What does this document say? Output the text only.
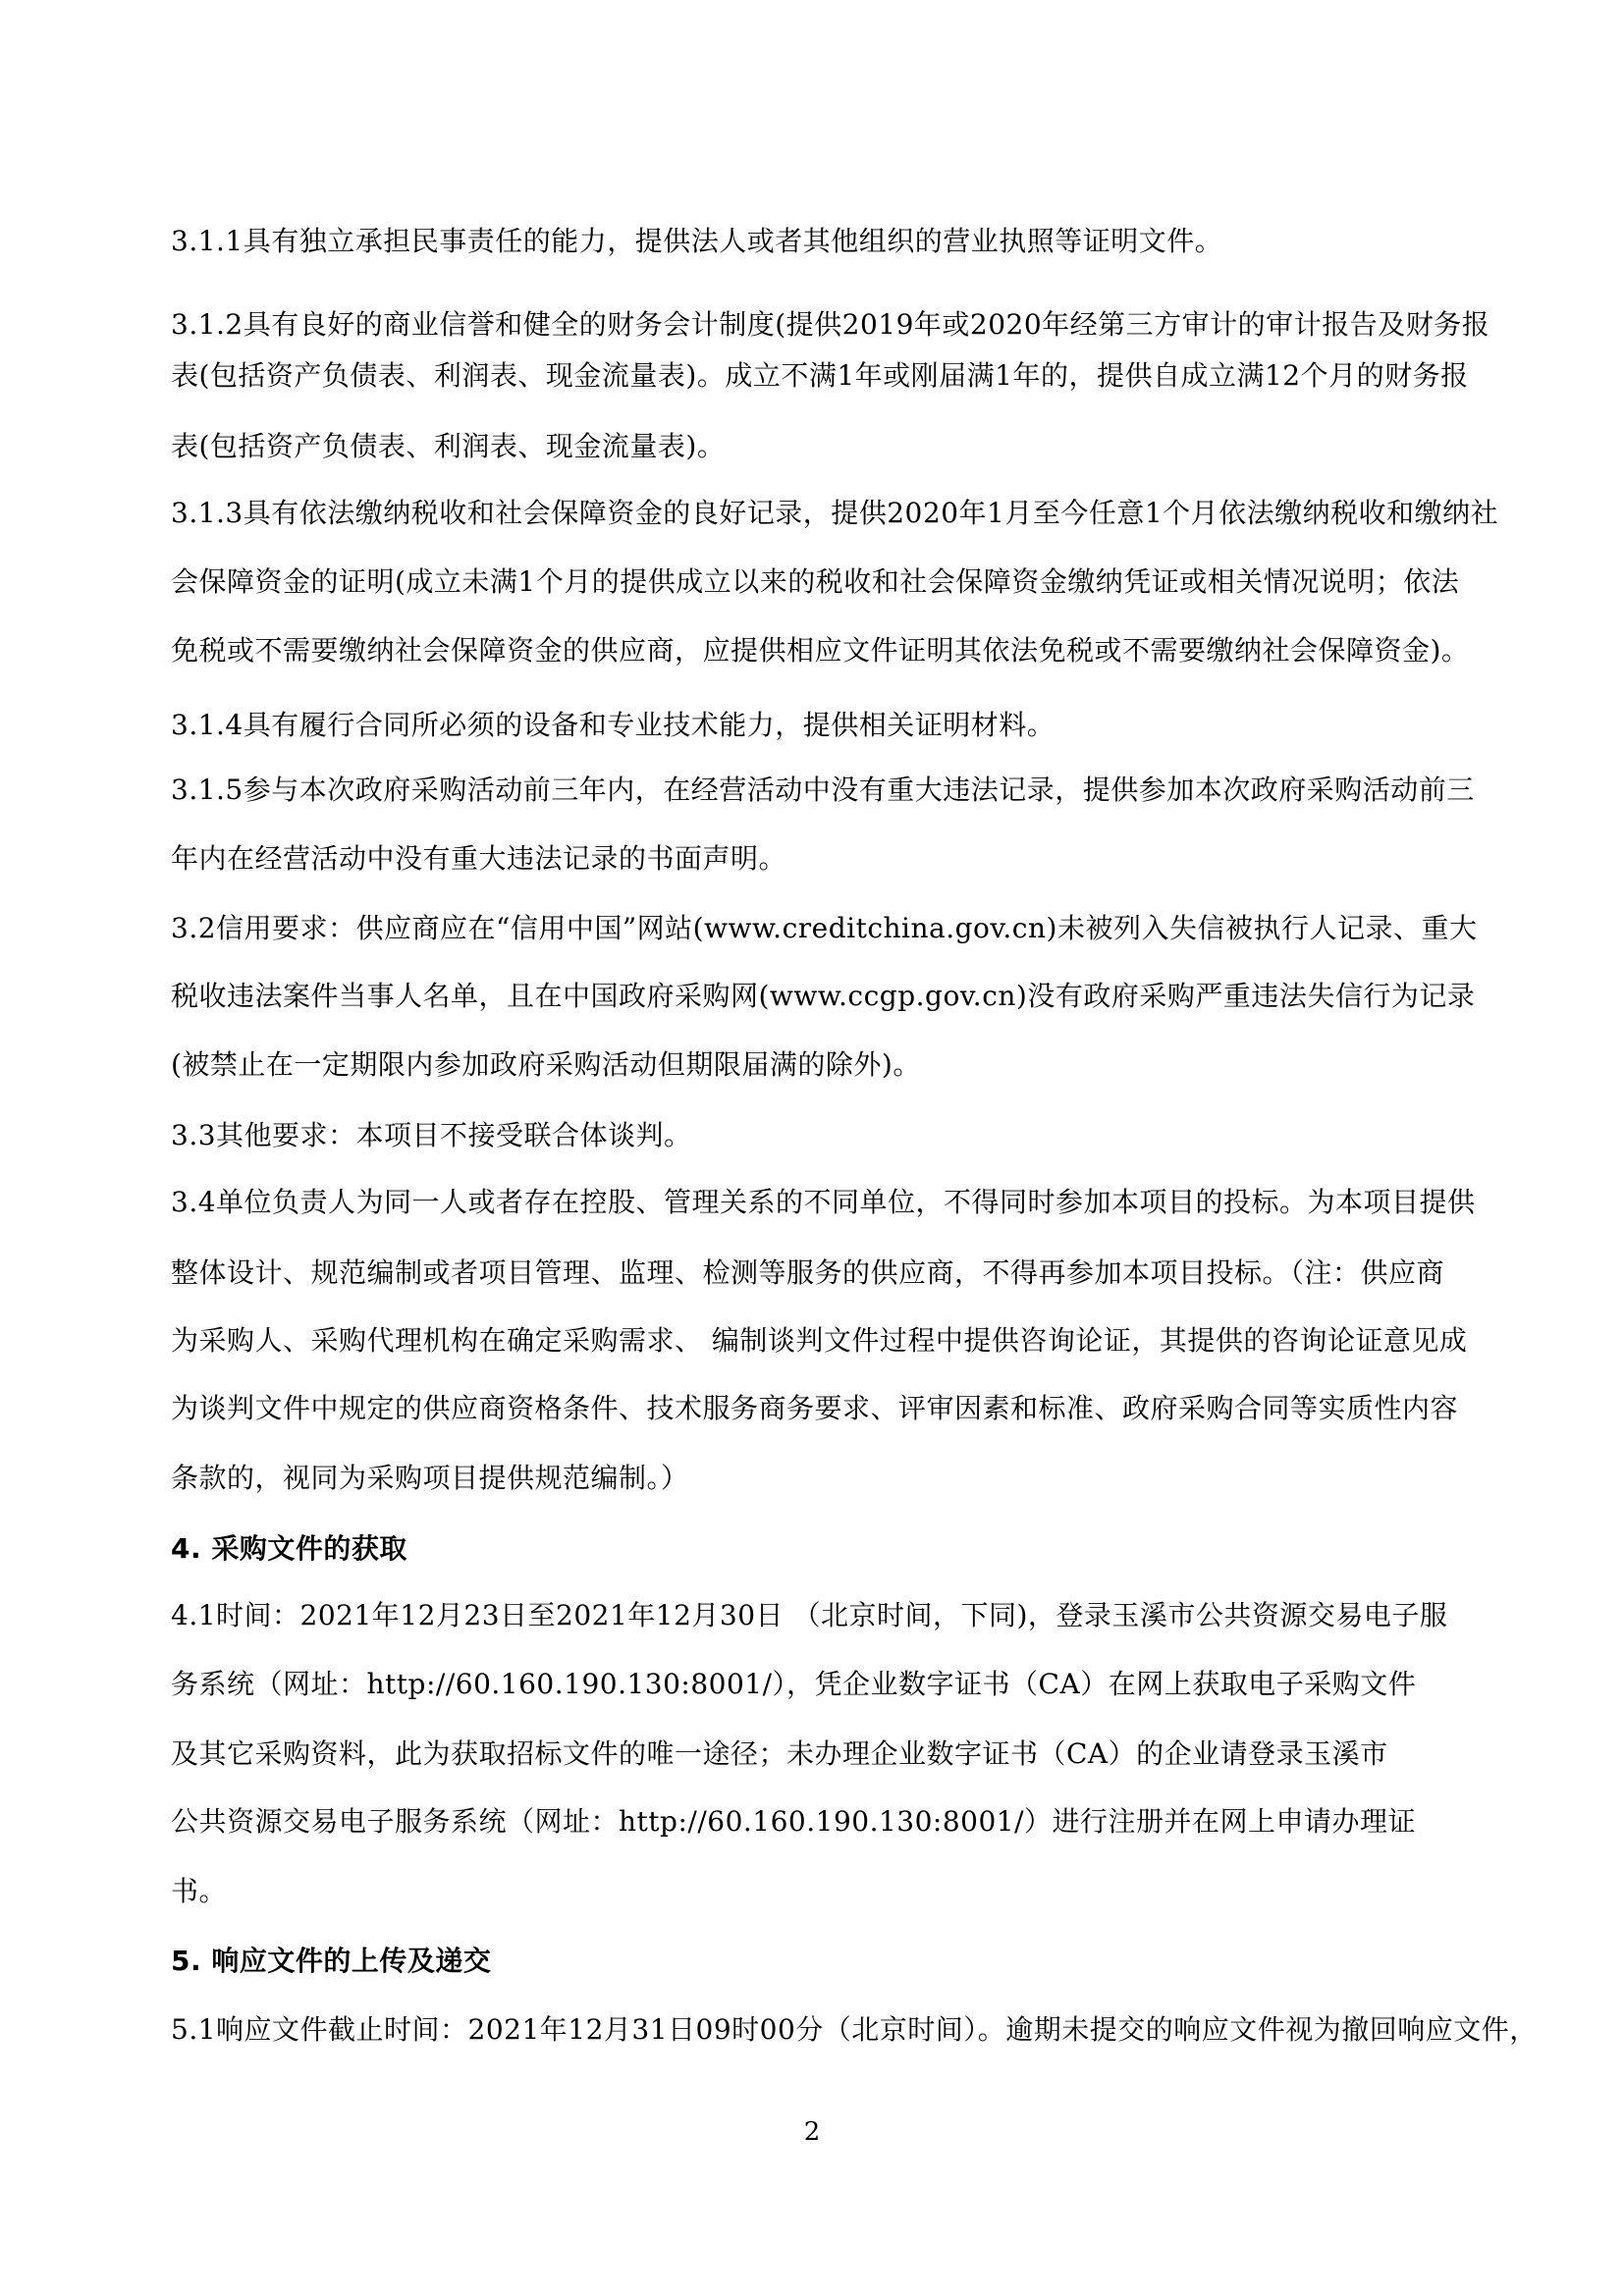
3.1.1具有独立承担民事责任的能力，提供法人或者其他组织的营业执照等证明文件。
3.1.2具有良好的商业信誉和健全的财务会计制度(提供2019年或2020年经第三方审计的审计报告及财务报
表(包括资产负债表、利润表、现金流量表)。成立不满1年或刚届满1年的，提供自成立满12个月的财务报
表(包括资产负债表、利润表、现金流量表)。
3.1.3具有依法缴纳税收和社会保障资金的良好记录，提供2020年1月至今任意1个月依法缴纳税收和缴纳社
会保障资金的证明(成立未满1个月的提供成立以来的税收和社会保障资金缴纳凭证或相关情况说明；依法
免税或不需要缴纳社会保障资金的供应商，应提供相应文件证明其依法免税或不需要缴纳社会保障资金)。
3.1.4具有履行合同所必须的设备和专业技术能力，提供相关证明材料。
3.1.5参与本次政府采购活动前三年内，在经营活动中没有重大违法记录，提供参加本次政府采购活动前三
年内在经营活动中没有重大违法记录的书面声明。
3.2信用要求：供应商应在“信用中国”网站(www.creditchina.gov.cn)未被列入失信被执行人记录、重大
税收违法案件当事人名单，且在中国政府采购网(www.ccgp.gov.cn)没有政府采购严重违法失信行为记录
(被禁止在一定期限内参加政府采购活动但期限届满的除外)。
3.3其他要求：本项目不接受联合体谈判。
3.4单位负责人为同一人或者存在控股、管理关系的不同单位，不得同时参加本项目的投标。为本项目提供
整体设计、规范编制或者项目管理、监理、检测等服务的供应商，不得再参加本项目投标。（注：供应商
为采购人、采购代理机构在确定采购需求、 编制谈判文件过程中提供咨询论证，其提供的咨询论证意见成
为谈判文件中规定的供应商资格条件、技术服务商务要求、评审因素和标准、政府采购合同等实质性内容
条款的，视同为采购项目提供规范编制。）
4. 采购文件的获取
4.1时间：2021年12月23日至2021年12月30日 （北京时间，下同)，登录玉溪市公共资源交易电子服
务系统（网址：http://60.160.190.130:8001/），凭企业数字证书（CA）在网上获取电子采购文件
及其它采购资料，此为获取招标文件的唯一途径；未办理企业数字证书（CA）的企业请登录玉溪市
公共资源交易电子服务系统（网址：http://60.160.190.130:8001/）进行注册并在网上申请办理证
书。
5. 响应文件的上传及递交
5.1响应文件截止时间：2021年12月31日09时00分（北京时间）。逾期未提交的响应文件视为撤回响应文件，
2
